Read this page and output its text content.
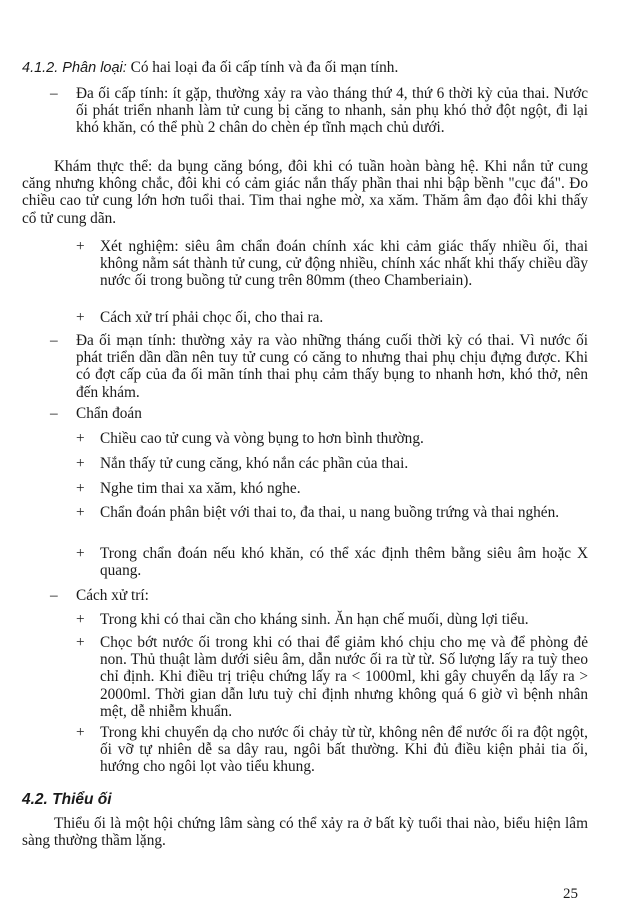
4.1.2. Phân loại: Có hai loại đa ối cấp tính và đa ối mạn tính.
– Đa ối cấp tính: ít gặp, thường xảy ra vào tháng thứ 4, thứ 6 thời kỳ của thai. Nước ối phát triển nhanh làm tử cung bị căng to nhanh, sản phụ khó thở đột ngột, đi lại khó khăn, có thể phù 2 chân do chèn ép tĩnh mạch chủ dưới.
Khám thực thể: da bụng căng bóng, đôi khi có tuần hoàn bàng hệ. Khi nắn tử cung căng nhưng không chắc, đôi khi có cảm giác nắn thấy phần thai nhi bập bềnh "cục đá". Đo chiều cao tử cung lớn hơn tuổi thai. Tim thai nghe mờ, xa xăm. Thăm âm đạo đôi khi thấy cổ tử cung dãn.
+ Xét nghiệm: siêu âm chẩn đoán chính xác khi cảm giác thấy nhiều ối, thai không nằm sát thành tử cung, cử động nhiều, chính xác nhất khi thấy chiều dầy nước ối trong buồng tử cung trên 80mm (theo Chamberiain).
+ Cách xử trí phải chọc ối, cho thai ra.
– Đa ối mạn tính: thường xảy ra vào những tháng cuối thời kỳ có thai. Vì nước ối phát triển dần dần nên tuy tử cung có căng to nhưng thai phụ chịu đựng được. Khi có đợt cấp của đa ối mãn tính thai phụ cảm thấy bụng to nhanh hơn, khó thở, nên đến khám.
– Chẩn đoán
+ Chiều cao tử cung và vòng bụng to hơn bình thường.
+ Nắn thấy tử cung căng, khó nắn các phần của thai.
+ Nghe tim thai xa xăm, khó nghe.
+ Chẩn đoán phân biệt với thai to, đa thai, u nang buồng trứng và thai nghén.
+ Trong chẩn đoán nếu khó khăn, có thể xác định thêm bằng siêu âm hoặc X quang.
– Cách xử trí:
+ Trong khi có thai cần cho kháng sinh. Ăn hạn chế muối, dùng lợi tiểu.
+ Chọc bớt nước ối trong khi có thai để giảm khó chịu cho mẹ và để phòng đẻ non. Thủ thuật làm dưới siêu âm, dẫn nước ối ra từ từ. Số lượng lấy ra tuỳ theo chỉ định. Khi điều trị triệu chứng lấy ra < 1000ml, khi gây chuyển dạ lấy ra > 2000ml. Thời gian dẫn lưu tuỳ chỉ định nhưng không quá 6 giờ vì bệnh nhân mệt, dễ nhiễm khuẩn.
+ Trong khi chuyển dạ cho nước ối chảy từ từ, không nên để nước ối ra đột ngột, ối vỡ tự nhiên dễ sa dây rau, ngôi bất thường. Khi đủ điều kiện phải tia ối, hướng cho ngôi lọt vào tiểu khung.
4.2. Thiểu ối
Thiểu ối là một hội chứng lâm sàng có thể xảy ra ở bất kỳ tuổi thai nào, biểu hiện lâm sàng thường thầm lặng.
25
